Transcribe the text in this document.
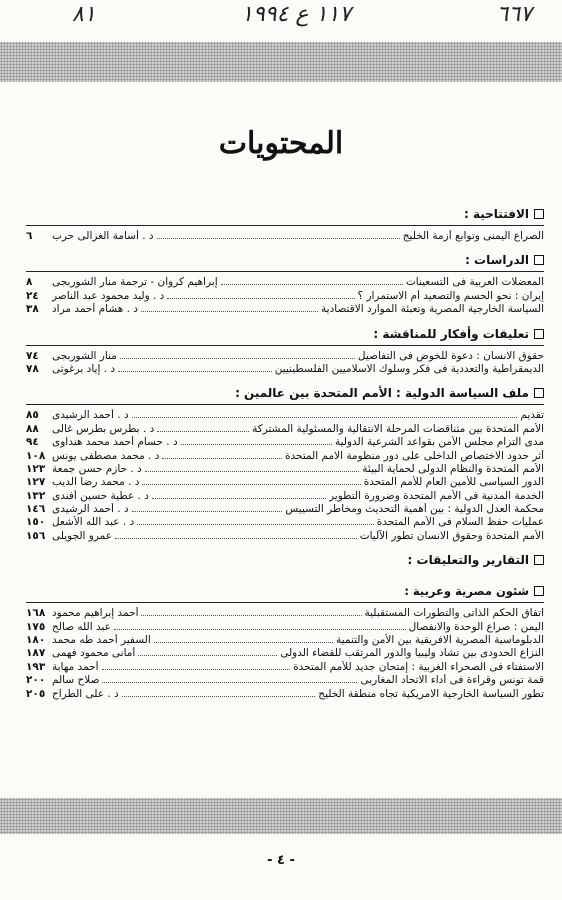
٨١	١١٧ ع ١٩٩٤	٦٦٧
المحتويات
الافتتاحية :
الصراع اليمنى وتوابع أزمة الخليج
د . أسامة الغزالى حرب
٦
الدراسات :
المعضلات العربية فى التسعينات
إبراهيم كروان - ترجمة منار الشوربجى
٨
إيران : نحو الحسم والتصعيد أم الاستمرار ؟
د . وليد محمود عبد الناصر
٢٤
السياسة الخارجية المصرية وتعبئة الموارد الاقتصادية
د . هشام أحمد مراد
٣٨
تعليقات وأفكار للمناقشة :
حقوق الانسان : دعوة للخوض فى التفاصيل
منار الشوربجى
٧٤
الديمقراطية والتعددية فى فكر وسلوك الاسلاميين الفلسطينيين
د . إياد برغوثى
٧٨
ملف السياسة الدولية : الأمم المتحدة بين عالمين :
تقديم
د . أحمد الرشيدى
٨٥
الأمم المتحدة بين متناقضات المرحلة الانتقالية والمسئولية المشتركة
د . بطرس بطرس غالى
٨٨
مدى التزام مجلس الأمن بقواعد الشرعية الدولية
د . حسام أحمد محمد هنداوى
٩٤
أثر حدود الاختصاص الداخلى على دور منظومة الامم المتحدة
د . محمد مصطفى يونس
١٠٨
الأمم المتحدة والنظام الدولى لحماية البيئة
د . حازم حسن جمعة
١٢٣
الدور السياسى للأمين العام للأمم المتحدة
د . محمد رضا الديب
١٢٧
الخدمة المدنية فى الأمم المتحدة وضرورة التطوير
د . عطية حسين أفندى
١٣٢
محكمة العدل الدولية : بين أهمية التحديث ومخاطر التسييس
د . أحمد الرشيدى
١٤٦
عمليات حفظ السلام فى الأمم المتحدة
د . عبد الله الأشعل
١٥٠
الأمم المتحدة وحقوق الانسان تطور الآليات
عمرو الجويلى
١٥٦
التقارير والتعليقات :
شئون مصرية وعربية :
اتفاق الحكم الذاتى والتطورات المستقبلية
أحمد إبراهيم محمود
١٦٨
اليمن : صراع الوحدة والانفصال
عبد الله صالح
١٧٥
الدبلوماسية المصرية الافريقية بين الأمن والتنمية
السفير أحمد طه محمد
١٨٠
النزاع الحدودى بين تشاد وليبيا والدور المرتقب للقضاء الدولى
أمانى محمود فهمى
١٨٧
الاستفتاء فى الصحراء الغربية : إمتحان جديد للأمم المتحدة
أحمد مهابة
١٩٣
قمة تونس وقراءة فى أداء الاتحاد المغاربى
صلاح سالم
٢٠٠
تطور السياسة الخارجية الامريكية تجاه منطقة الخليج
د . على الطراح
٢٠٥
- ٤ -
